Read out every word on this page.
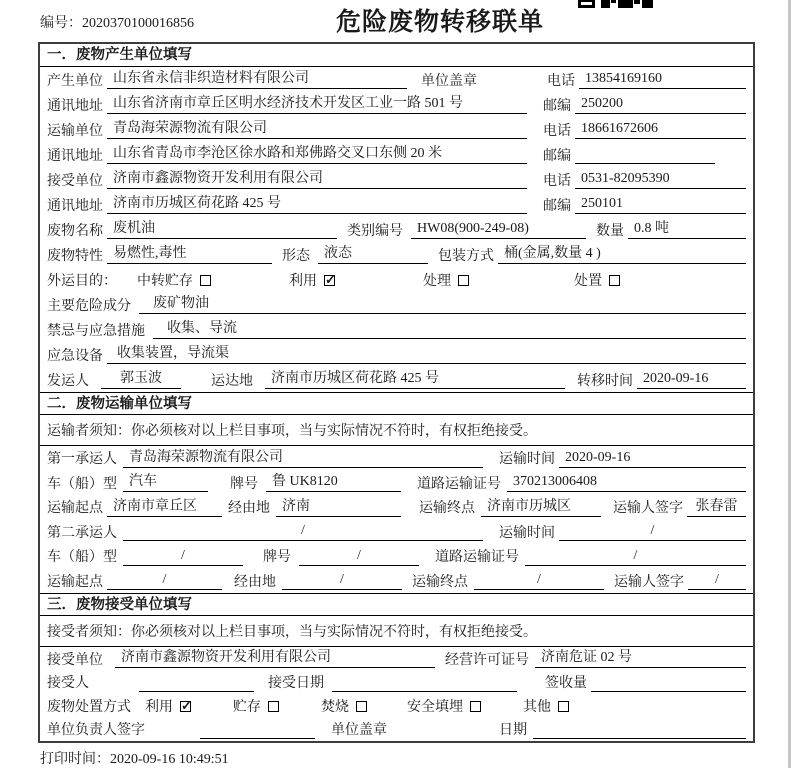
编号：2020370100016856	危险废物转移联单
一．废物产生单位填写
产生单位 山东省永信非织造材料有限公司	单位盖章	电话 13854169160
通讯地址 山东省济南市章丘区明水经济技术开发区工业一路 501 号	邮编 250200
运输单位 青岛海荣源物流有限公司	电话 18661672606
通讯地址 山东省青岛市李沧区徐水路和郑佛路交叉口东侧 20 米	邮编
接受单位 济南市鑫源物资开发利用有限公司	电话 0531-82095390
通讯地址 济南市历城区荷花路 425 号	邮编 250101
废物名称 废机油	类别编号	HW08(900-249-08)	数量 0.8 吨
废物特性 易燃性,毒性	形态	液态	包装方式 桶(金属,数量 4 )
外运目的： 中转贮存	利用 ✓	处理	处置
主要危险成分	废矿物油
禁忌与应急措施	收集、导流
应急设备	收集装置，导流渠
发运人	郭玉波	运达地	济南市历城区荷花路 425 号	转移时间 2020-09-16
二．废物运输单位填写
运输者须知：你必须核对以上栏目事项，当与实际情况不符时，有权拒绝接受。
第一承运人 青岛海荣源物流有限公司	运输时间 2020-09-16
车（船）型 汽车	牌号	鲁 UK8120	道路运输证号 370213006408
运输起点 济南市章丘区	经由地 济南	运输终点 济南市历城区	运输人签字 张春雷
第二承运人	/	运输时间	/
车（船）型	/	牌号	/	道路运输证号	/
运输起点	/	经由地	/	运输终点	/	运输人签字	/
三．废物接受单位填写
接受者须知：你必须核对以上栏目事项，当与实际情况不符时，有权拒绝接受。
接受单位	济南市鑫源物资开发利用有限公司	经营许可证号 济南危证 02 号
接受人	接受日期	签收量
废物处置方式 利用 ✓	贮存	焚烧	安全填埋	其他
单位负责人签字	单位盖章	日期
打印时间：2020-09-16 10:49:51
